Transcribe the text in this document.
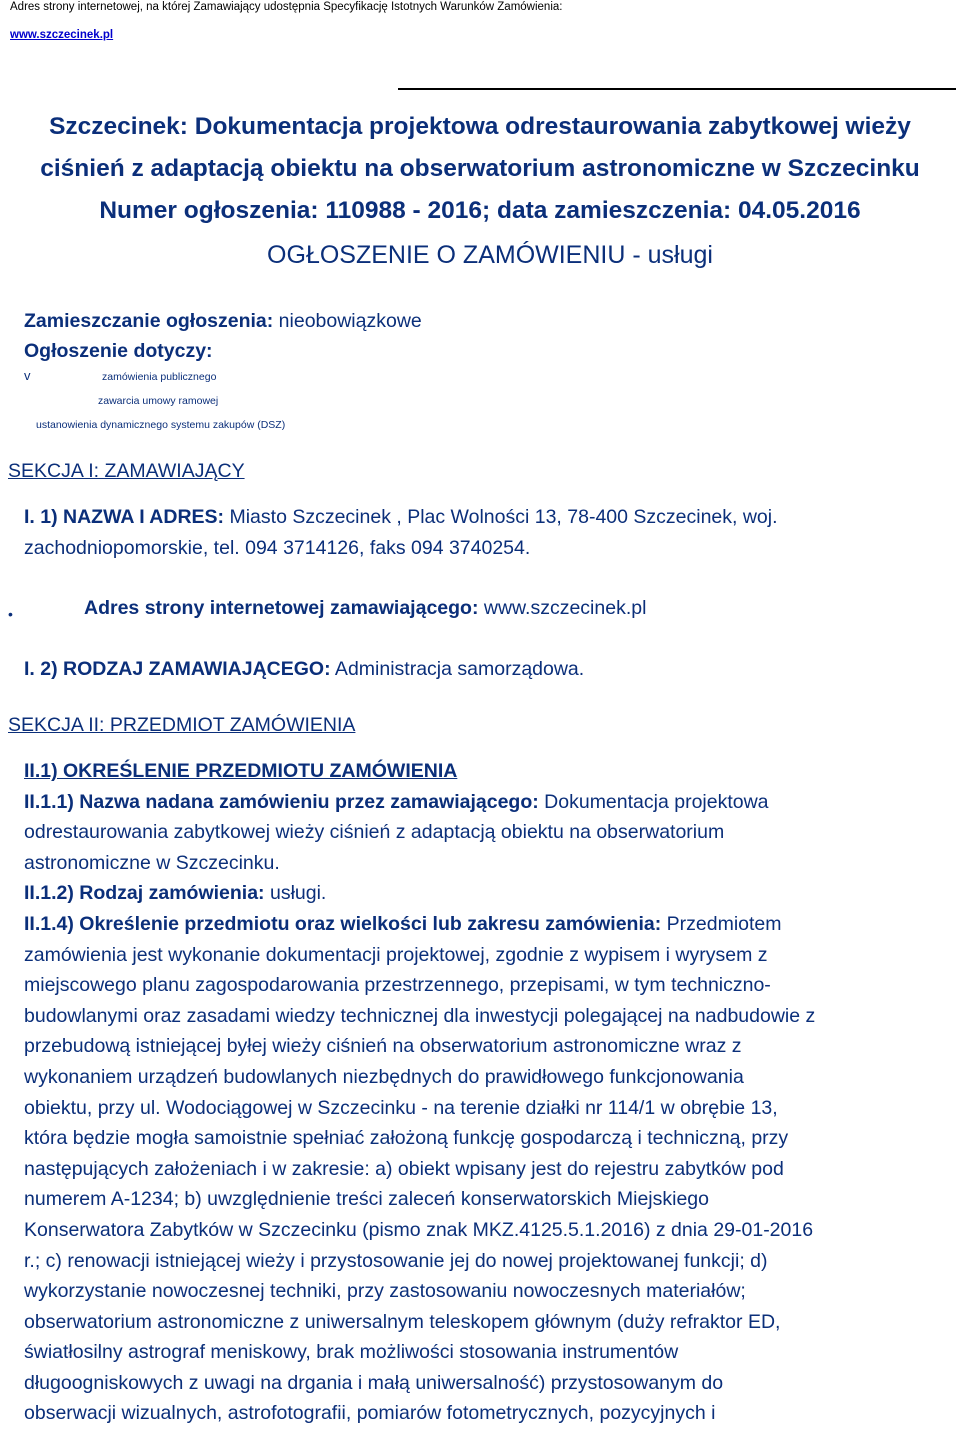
Adres strony internetowej, na której Zamawiający udostępnia Specyfikację Istotnych Warunków Zamówienia:
www.szczecinek.pl
Szczecinek: Dokumentacja projektowa odrestaurowania zabytkowej wieży
ciśnień z adaptacją obiektu na obserwatorium astronomiczne w Szczecinku
Numer ogłoszenia: 110988 - 2016; data zamieszczenia: 04.05.2016
OGŁOSZENIE O ZAMÓWIENIU - usługi
Zamieszczanie ogłoszenia: nieobowiązkowe
Ogłoszenie dotyczy:
v	zamówienia publicznego
zawarcia umowy ramowej
ustanowienia dynamicznego systemu zakupów (DSZ)
SEKCJA I: ZAMAWIAJĄCY
I. 1) NAZWA I ADRES: Miasto Szczecinek , Plac Wolności 13, 78-400 Szczecinek, woj.
zachodniopomorskie, tel. 094 3714126, faks 094 3740254.
•	Adres strony internetowej zamawiającego: www.szczecinek.pl
I. 2) RODZAJ ZAMAWIAJĄCEGO: Administracja samorządowa.
SEKCJA II: PRZEDMIOT ZAMÓWIENIA
II.1) OKREŚLENIE PRZEDMIOTU ZAMÓWIENIA
II.1.1) Nazwa nadana zamówieniu przez zamawiającego: Dokumentacja projektowa
odrestaurowania zabytkowej wieży ciśnień z adaptacją obiektu na obserwatorium
astronomiczne w Szczecinku.
II.1.2) Rodzaj zamówienia: usługi.
II.1.4) Określenie przedmiotu oraz wielkości lub zakresu zamówienia: Przedmiotem
zamówienia jest wykonanie dokumentacji projektowej, zgodnie z wypisem i wyrysem z
miejscowego planu zagospodarowania przestrzennego, przepisami, w tym techniczno-
budowlanymi oraz zasadami wiedzy technicznej dla inwestycji polegającej na nadbudowie z
przebudową istniejącej byłej wieży ciśnień na obserwatorium astronomiczne wraz z
wykonaniem urządzeń budowlanych niezbędnych do prawidłowego funkcjonowania
obiektu, przy ul. Wodociągowej w Szczecinku - na terenie działki nr 114/1 w obrębie 13,
która będzie mogła samoistnie spełniać założoną funkcję gospodarczą i techniczną, przy
następujących założeniach i w zakresie: a) obiekt wpisany jest do rejestru zabytków pod
numerem A-1234; b) uwzględnienie treści zaleceń konserwatorskich Miejskiego
Konserwatora Zabytków w Szczecinku (pismo znak MKZ.4125.5.1.2016) z dnia 29-01-2016
r.; c) renowacji istniejącej wieży i przystosowanie jej do nowej projektowanej funkcji; d)
wykorzystanie nowoczesnej techniki, przy zastosowaniu nowoczesnych materiałów;
obserwatorium astronomiczne z uniwersalnym teleskopem głównym (duży refraktor ED,
światłosilny astrograf meniskowy, brak możliwości stosowania instrumentów
długoogniskowych z uwagi na drgania i małą uniwersalność) przystosowanym do
obserwacji wizualnych, astrofotografii, pomiarów fotometrycznych, pozycyjnych i
